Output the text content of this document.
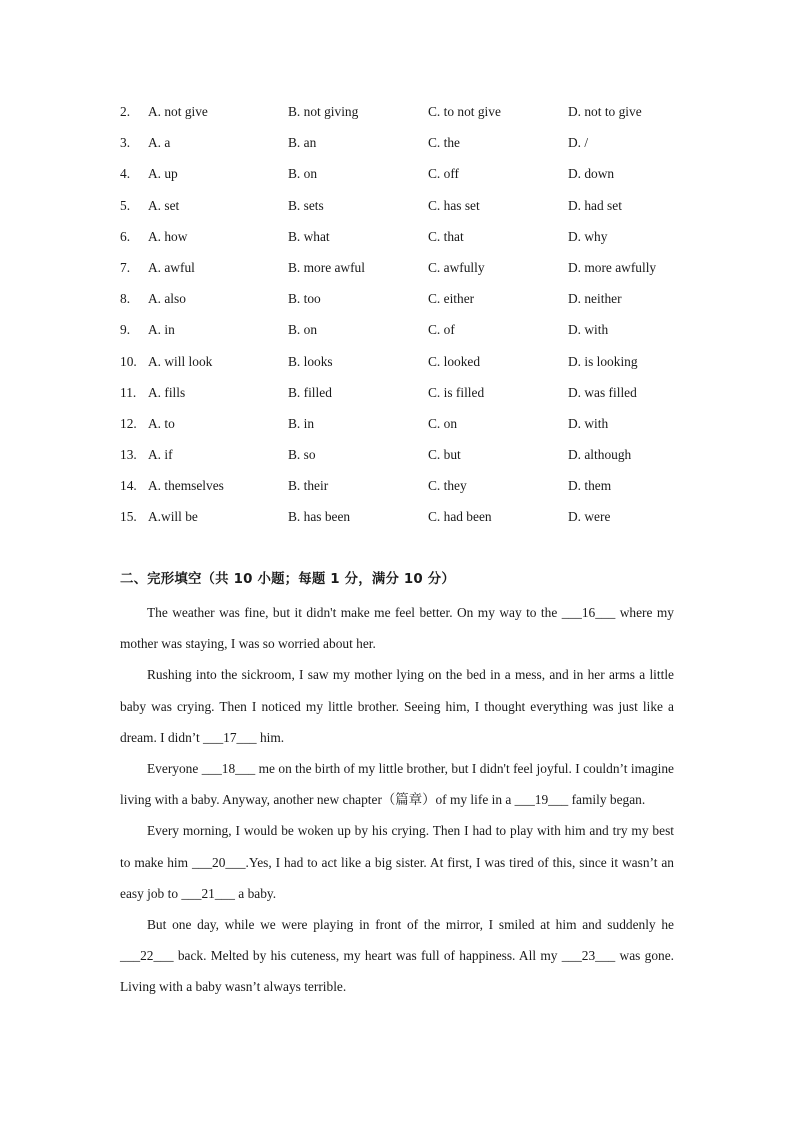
2. A. not give	B. not giving	C. to not give	D. not to give
3. A. a	B. an	C. the	D. /
4. A. up	B. on	C. off	D. down
5. A. set	B. sets	C. has set	D. had set
6. A. how	B. what	C. that	D. why
7. A. awful	B. more awful	C. awfully	D. more awfully
8. A. also	B. too	C. either	D. neither
9. A. in	B. on	C. of	D. with
10. A. will look	B. looks	C. looked	D. is looking
11. A. fills	B. filled	C. is filled	D. was filled
12. A. to	B. in	C. on	D. with
13. A. if	B. so	C. but	D. although
14. A. themselves	B. their	C. they	D. them
15. A.will be	B. has been	C. had been	D. were
二、完形填空（共 10 小题；每题 1 分，满分 10 分）

The weather was fine, but it didn't make me feel better. On my way to the ___16___ where my mother was staying, I was so worried about her.

Rushing into the sickroom, I saw my mother lying on the bed in a mess, and in her arms a little baby was crying. Then I noticed my little brother. Seeing him, I thought everything was just like a dream. I didn’t ___17___ him.

Everyone ___18___ me on the birth of my little brother, but I didn't feel joyful. I couldn’t imagine living with a baby. Anyway, another new chapter（篇章）of my life in a ___19___ family began.

Every morning, I would be woken up by his crying. Then I had to play with him and try my best to make him ___20___.Yes, I had to act like a big sister. At first, I was tired of this, since it wasn’t an easy job to ___21___ a baby.

But one day, while we were playing in front of the mirror, I smiled at him and suddenly he ___22___ back. Melted by his cuteness, my heart was full of happiness. All my ___23___ was gone. Living with a baby wasn’t always terrible.
